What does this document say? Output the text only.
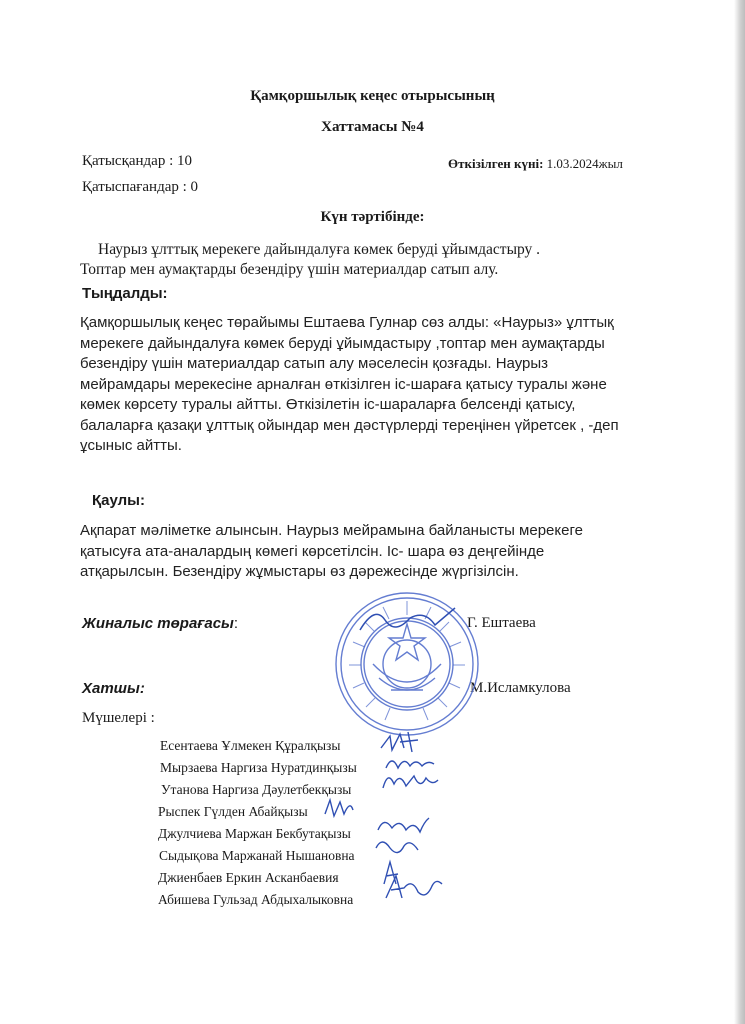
Қамқоршылық кеңес отырысының
Хаттамасы №4
Қатысқандар : 10
Қатыспағандар : 0
Өткізілген күні: 1.03.2024жыл
Күн тәртібінде:

Наурыз ұлттық мерекеге дайындалуға көмек беруді ұйымдастыру .

Топтар мен аумақтарды безендіру үшін материалдар сатып алу.

Тыңдалды:
Қамқоршылық кеңес төрайымы Ештаева Гулнар сөз алды: «Наурыз» ұлттық
мерекеге дайындалуға көмек беруді ұйымдастыру ,топтар мен аумақтарды
безендіру үшін материалдар сатып алу мәселесін қозғады. Наурыз
мейрамдары мерекесіне арналған өткізілген іс-шараға қатысу туралы және
көмек көрсету туралы айтты. Өткізілетін іс-шараларға белсенді қатысу,
балаларға қазақи ұлттық ойындар мен дәстүрлерді тереңінен үйретсек , -деп
ұсыныс айтты.
Қаулы:
Ақпарат мәліметке алынсын. Наурыз мейрамына байланысты мерекеге
қатысуға ата-аналардың көмегі көрсетілсін. Іс- шара өз деңгейінде
атқарылсын. Безендіру жұмыстары өз дәрежесінде жүргізілсін.
Жиналыс төрағасы:	Г. Ештаева
Хатшы:	М.Исламкулова
Мүшелері :
Есентаева Ұлмекен Құралқызы
Мырзаева Наргиза Нуратдинқызы
Утанова Наргиза Дәулетбекқызы
Рыспек Гүлден Абайқызы
Джулчиева Маржан Бекбутақызы
Сыдықова Маржанай Нышановна
Джиенбаев Еркин Асканбаевия
Абишева Гульзад Абдыхалыковна
